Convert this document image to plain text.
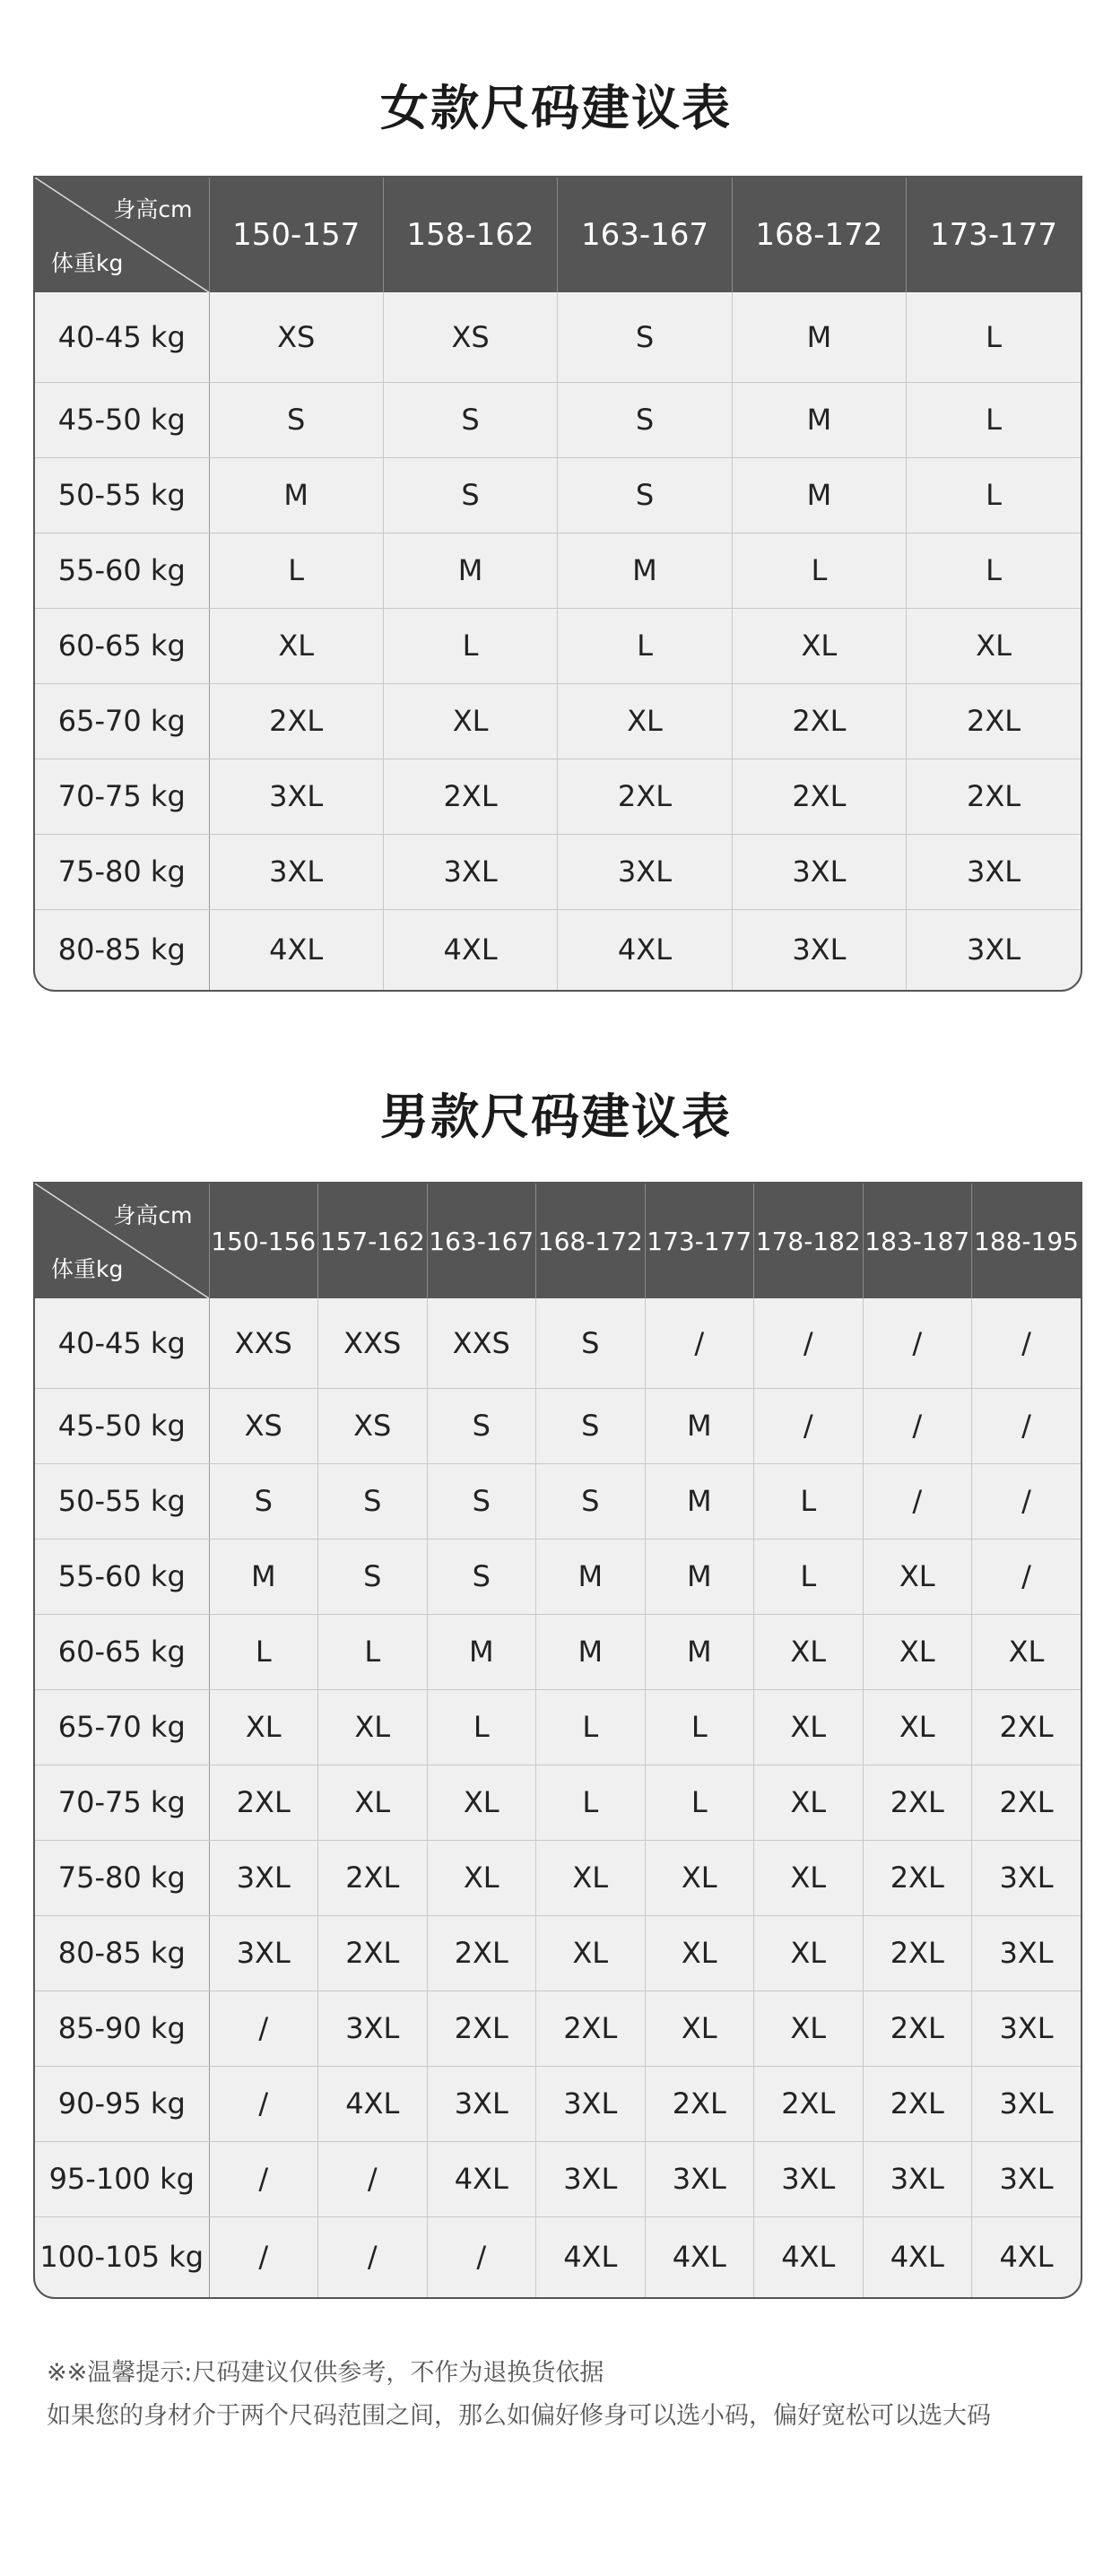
女款尺码建议表
身高cm
体重kg	150-157	158-162	163-167	168-172	173-177
40-45 kg	XS	XS	S	M	L
45-50 kg	S	S	S	M	L
50-55 kg	M	S	S	M	L
55-60 kg	L	M	M	L	L
60-65 kg	XL	L	L	XL	XL
65-70 kg	2XL	XL	XL	2XL	2XL
70-75 kg	3XL	2XL	2XL	2XL	2XL
75-80 kg	3XL	3XL	3XL	3XL	3XL
80-85 kg	4XL	4XL	4XL	3XL	3XL
男款尺码建议表
身高cm
体重kg	150-156	157-162	163-167	168-172	173-177	178-182	183-187	188-195
40-45 kg	XXS	XXS	XXS	S	/	/	/	/
45-50 kg	XS	XS	S	S	M	/	/	/
50-55 kg	S	S	S	S	M	L	/	/
55-60 kg	M	S	S	M	M	L	XL	/
60-65 kg	L	L	M	M	M	XL	XL	XL
65-70 kg	XL	XL	L	L	L	XL	XL	2XL
70-75 kg	2XL	XL	XL	L	L	XL	2XL	2XL
75-80 kg	3XL	2XL	XL	XL	XL	XL	2XL	3XL
80-85 kg	3XL	2XL	2XL	XL	XL	XL	2XL	3XL
85-90 kg	/	3XL	2XL	2XL	XL	XL	2XL	3XL
90-95 kg	/	4XL	3XL	3XL	2XL	2XL	2XL	3XL
95-100 kg	/	/	4XL	3XL	3XL	3XL	3XL	3XL
100-105 kg	/	/	/	4XL	4XL	4XL	4XL	4XL
※※温馨提示:尺码建议仅供参考，不作为退换货依据
如果您的身材介于两个尺码范围之间，那么如偏好修身可以选小码，偏好宽松可以选大码
